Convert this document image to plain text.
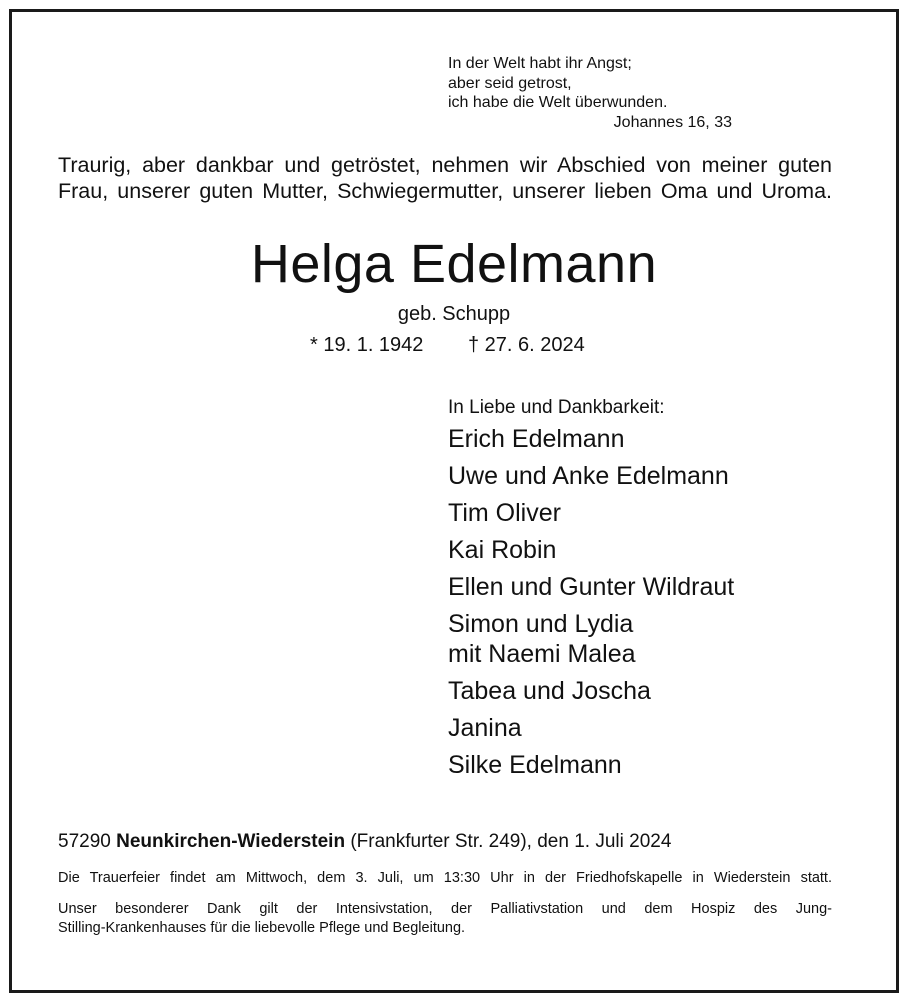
In der Welt habt ihr Angst;
aber seid getrost,
ich habe die Welt überwunden.
Johannes 16, 33
Traurig, aber dankbar und getröstet, nehmen wir Abschied von meiner guten
Frau, unserer guten Mutter, Schwiegermutter, unserer lieben Oma und Uroma.
Helga Edelmann
geb. Schupp
* 19. 1. 1942 † 27. 6. 2024
In Liebe und Dankbarkeit:
Erich Edelmann
Uwe und Anke Edelmann
Tim Oliver
Kai Robin
Ellen und Gunter Wildraut
Simon und Lydia
mit Naemi Malea
Tabea und Joscha
Janina
Silke Edelmann
57290 Neunkirchen-Wiederstein (Frankfurter Str. 249), den 1. Juli 2024
Die Trauerfeier findet am Mittwoch, dem 3. Juli, um 13:30 Uhr in der Friedhofskapelle in Wiederstein statt.
Unser besonderer Dank gilt der Intensivstation, der Palliativstation und dem Hospiz des Jung-
Stilling-Krankenhauses für die liebevolle Pflege und Begleitung.
